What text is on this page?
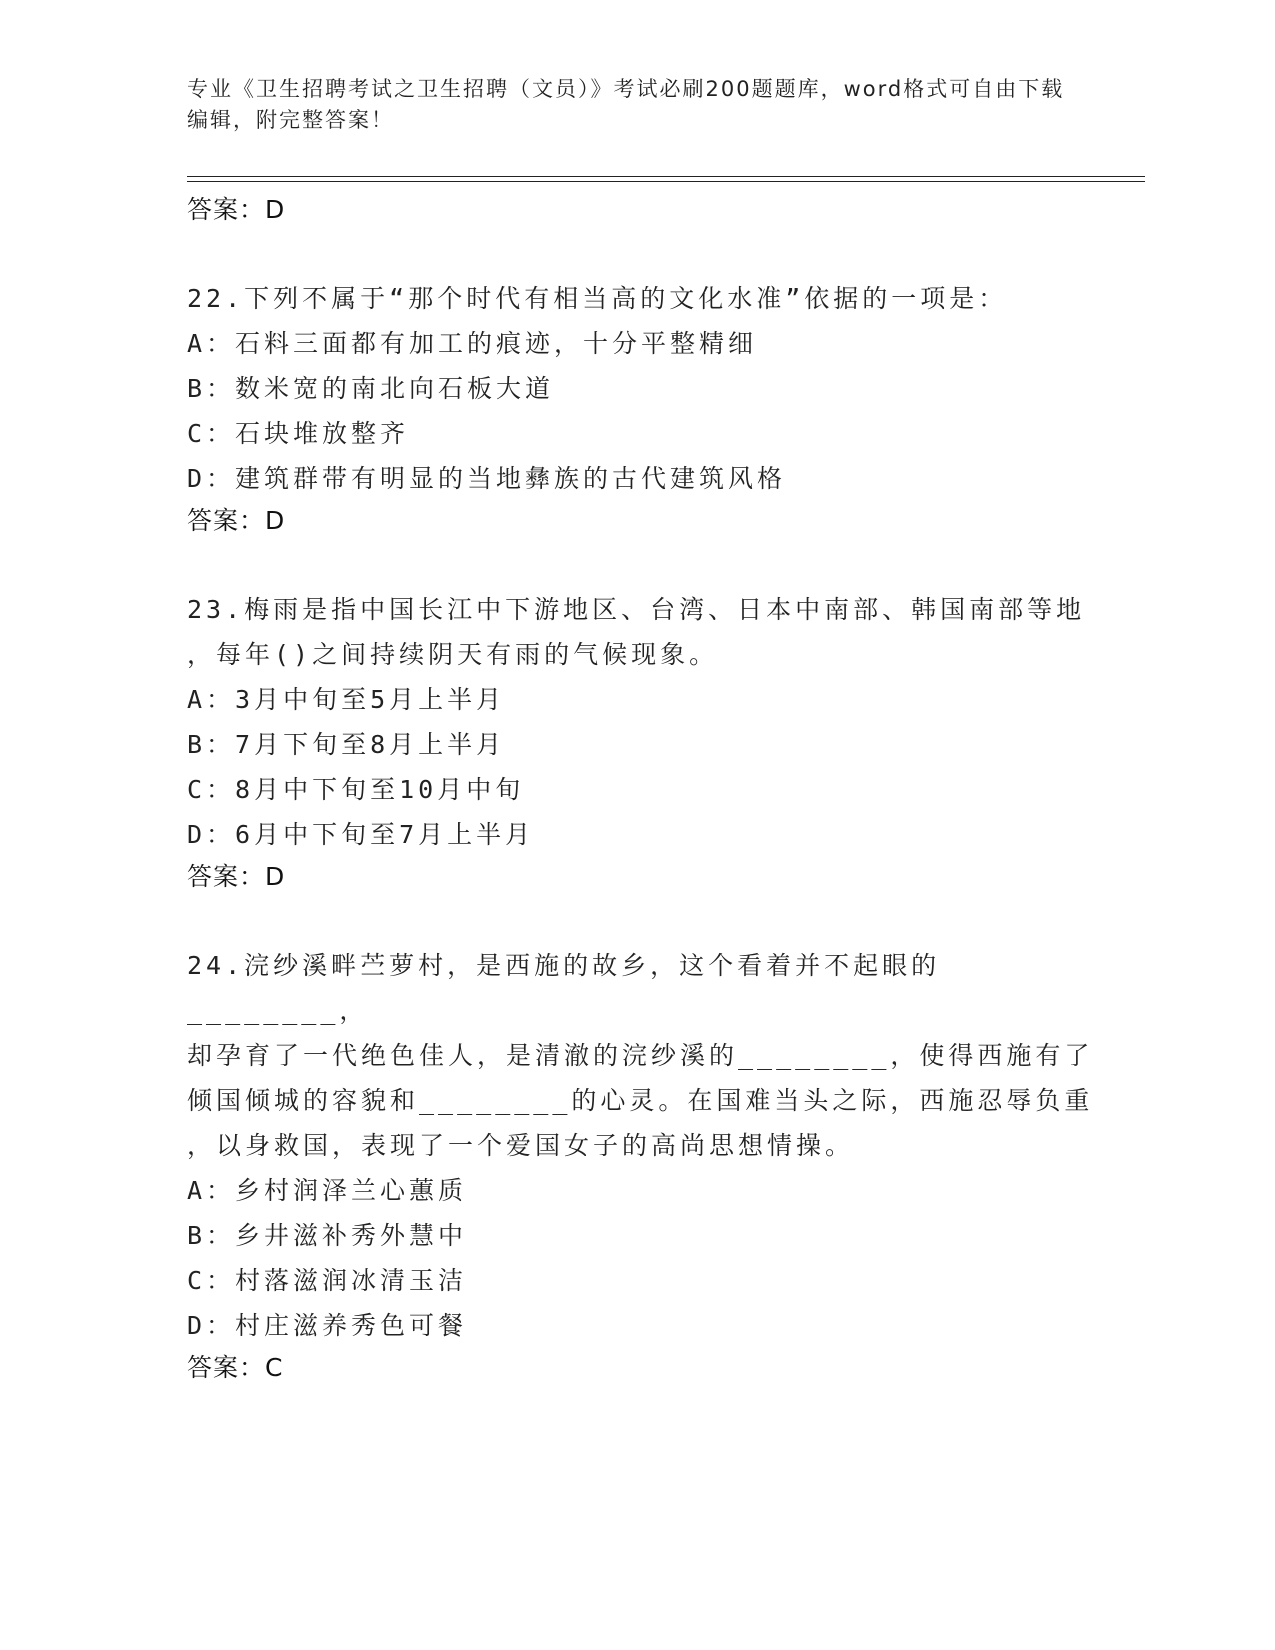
专业《卫生招聘考试之卫生招聘（文员）》考试必刷200题题库，word格式可自由下载编辑，附完整答案！

答案：D

22.下列不属于“那个时代有相当高的文化水准”依据的一项是：

A：石料三面都有加工的痕迹，十分平整精细

B：数米宽的南北向石板大道

C：石块堆放整齐

D：建筑群带有明显的当地彝族的古代建筑风格

答案：D

23.梅雨是指中国长江中下游地区、台湾、日本中南部、韩国南部等地

，每年()之间持续阴天有雨的气候现象。

A：3月中旬至5月上半月

B：7月下旬至8月上半月

C：8月中下旬至10月中旬

D：6月中下旬至7月上半月

答案：D

24.浣纱溪畔苎萝村，是西施的故乡，这个看着并不起眼的________，

却孕育了一代绝色佳人，是清澈的浣纱溪的________，使得西施有了

倾国倾城的容貌和________的心灵。在国难当头之际，西施忍辱负重

，以身救国，表现了一个爱国女子的高尚思想情操。

A：乡村润泽兰心蕙质

B：乡井滋补秀外慧中

C：村落滋润冰清玉洁

D：村庄滋养秀色可餐

答案：C
